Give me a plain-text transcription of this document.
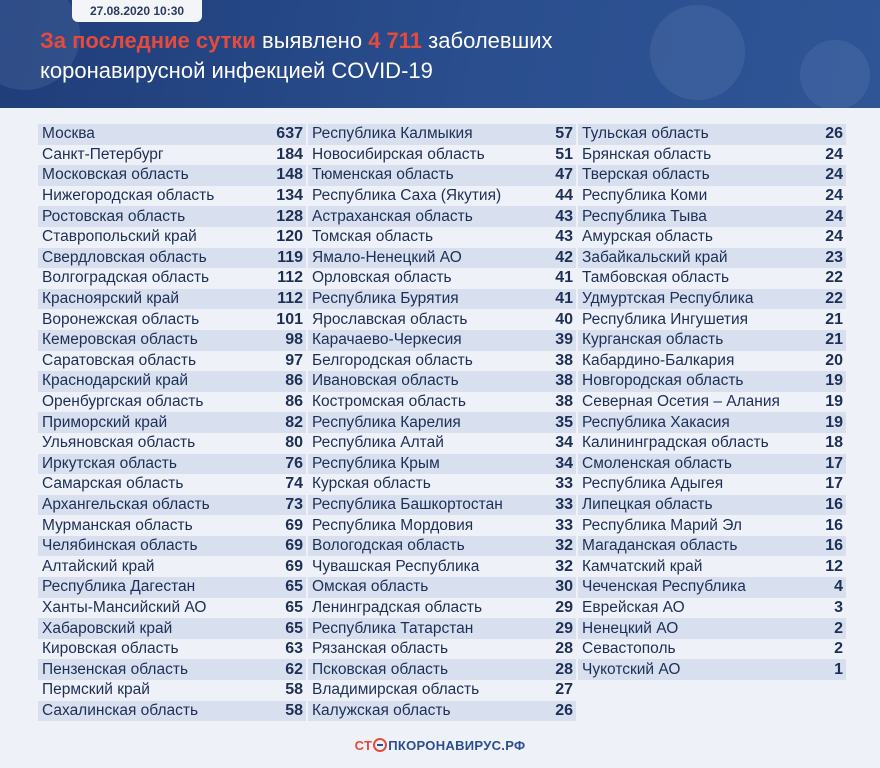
27.08.2020 10:30
За последние сутки выявлено 4 711 заболевших
коронавирусной инфекцией COVID-19
Москва	637
Санкт-Петербург	184
Московская область	148
Нижегородская область	134
Ростовская область	128
Ставропольский край	120
Свердловская область	119
Волгоградская область	112
Красноярский край	112
Воронежская область	101
Кемеровская область	98
Саратовская область	97
Краснодарский край	86
Оренбургская область	86
Приморский край	82
Ульяновская область	80
Иркутская область	76
Самарская область	74
Архангельская область	73
Мурманская область	69
Челябинская область	69
Алтайский край	69
Республика Дагестан	65
Ханты-Мансийский АО	65
Хабаровский край	65
Кировская область	63
Пензенская область	62
Пермский край	58
Сахалинская область	58
Республика Калмыкия	57
Новосибирская область	51
Тюменская область	47
Республика Саха (Якутия)	44
Астраханская область	43
Томская область	43
Ямало-Ненецкий АО	42
Орловская область	41
Республика Бурятия	41
Ярославская область	40
Карачаево-Черкесия	39
Белгородская область	38
Ивановская область	38
Костромская область	38
Республика Карелия	35
Республика Алтай	34
Республика Крым	34
Курская область	33
Республика Башкортостан	33
Республика Мордовия	33
Вологодская область	32
Чувашская Республика	32
Омская область	30
Ленинградская область	29
Республика Татарстан	29
Рязанская область	28
Псковская область	28
Владимирская область	27
Калужская область	26
Тульская область	26
Брянская область	24
Тверская область	24
Республика Коми	24
Республика Тыва	24
Амурская область	24
Забайкальский край	23
Тамбовская область	22
Удмуртская Республика	22
Республика Ингушетия	21
Курганская область	21
Кабардино-Балкария	20
Новгородская область	19
Северная Осетия – Алания	19
Республика Хакасия	19
Калининградская область	18
Смоленская область	17
Республика Адыгея	17
Липецкая область	16
Республика Марий Эл	16
Магаданская область	16
Камчатский край	12
Чеченская Республика	4
Еврейская АО	3
Ненецкий АО	2
Севастополь	2
Чукотский АО	1
СТ ПКОРОНАВИРУС.РФ
